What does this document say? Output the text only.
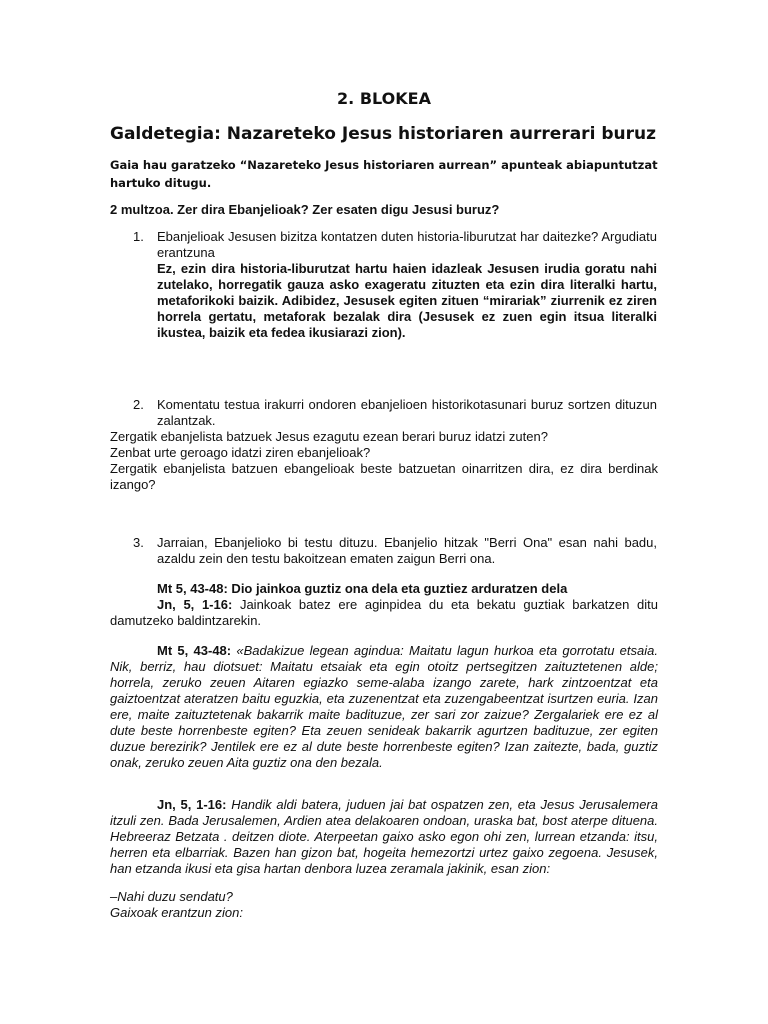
2. BLOKEA
Galdetegia: Nazareteko Jesus historiaren aurrerari buruz
Gaia hau garatzeko “Nazareteko Jesus historiaren aurrean” apunteak abiapuntutzat hartuko ditugu.
2 multzoa. Zer dira Ebanjelioak? Zer esaten digu Jesusi buruz?
1. Ebanjelioak Jesusen bizitza kontatzen duten historia-liburutzat har daitezke? Argudiatu erantzuna
Ez, ezin dira historia-liburutzat hartu haien idazleak Jesusen irudia goratu nahi zutelako, horregatik gauza asko exageratu zituzten eta ezin dira literalki hartu, metaforikoki baizik. Adibidez, Jesusek egiten zituen “mirariak” ziurrenik ez ziren horrela gertatu, metaforak bezalak dira (Jesusek ez zuen egin itsua literalki ikustea, baizik eta fedea ikusiarazi zion).
2. Komentatu testua irakurri ondoren ebanjelioen historikotasunari buruz sortzen dituzun zalantzak.
Zergatik ebanjelista batzuek Jesus ezagutu ezean berari buruz idatzi zuten?
Zenbat urte geroago idatzi ziren ebanjelioak?
Zergatik ebanjelista batzuen ebangelioak beste batzuetan oinarritzen dira, ez dira berdinak izango?
3. Jarraian, Ebanjelioko bi testu dituzu. Ebanjelio hitzak "Berri Ona" esan nahi badu, azaldu zein den testu bakoitzean ematen zaigun Berri ona.
Mt 5, 43-48: Dio jainkoa guztiz ona dela eta guztiez arduratzen dela
Jn, 5, 1-16: Jainkoak batez ere aginpidea du eta bekatu guztiak barkatzen ditu damutzeko baldintzarekin.
Mt 5, 43-48: «Badakizue legean agindua: Maitatu lagun hurkoa eta gorrotatu etsaia. Nik, berriz, hau diotsuet: Maitatu etsaiak eta egin otoitz pertsegitzen zaituztetenen alde; horrela, zeruko zeuen Aitaren egiazko seme-alaba izango zarete, hark zintzoentzat eta gaiztoentzat ateratzen baitu eguzkia, eta zuzenentzat eta zuzengabeentzat isurtzen euria. Izan ere, maite zaituztetenak bakarrik maite badituzue, zer sari zor zaizue? Zergalariek ere ez al dute beste horrenbeste egiten? Eta zeuen senideak bakarrik agurtzen badituzue, zer egiten duzue berezirik? Jentilek ere ez al dute beste horrenbeste egiten? Izan zaitezte, bada, guztiz onak, zeruko zeuen Aita guztiz ona den bezala.
Jn, 5, 1-16: Handik aldi batera, juduen jai bat ospatzen zen, eta Jesus Jerusalemera itzuli zen. Bada Jerusalemen, Ardien atea delakoaren ondoan, uraska bat, bost aterpe dituena. Hebreeraz Betzata . deitzen diote. Aterpeetan gaixo asko egon ohi zen, lurrean etzanda: itsu, herren eta elbarriak. Bazen han gizon bat, hogeita hemezortzi urtez gaixo zegoena. Jesusek, han etzanda ikusi eta gisa hartan denbora luzea zeramala jakinik, esan zion:
–Nahi duzu sendatu?
Gaixoak erantzun zion:
